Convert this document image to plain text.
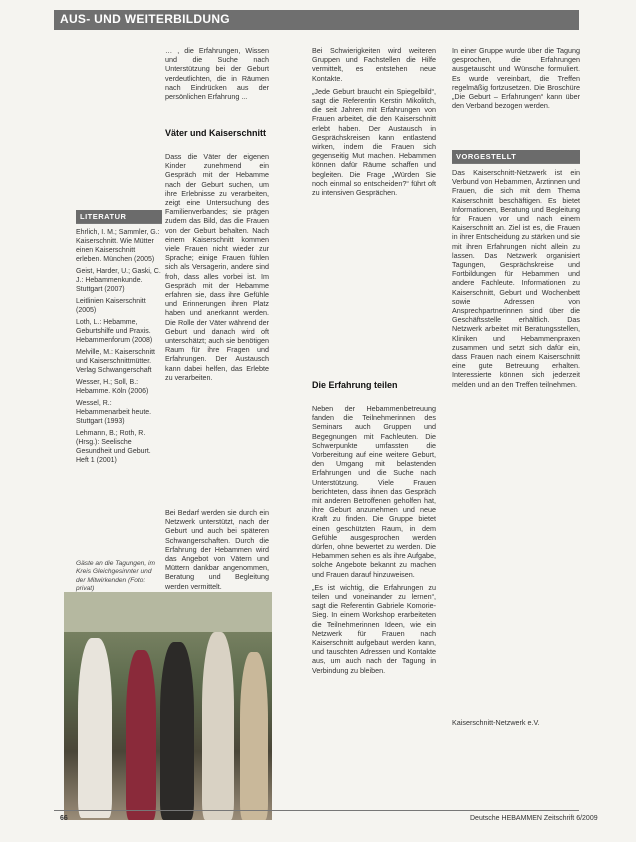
AUS- UND WEITERBILDUNG

… , die Erfahrungen, Wissen und die Suche nach Unterstützung bei der Geburt verdeutlichten, die in Räumen nach Eindrücken aus der persönlichen Erfahrung ...

Väter und Kaiserschnitt

Dass die Väter der eigenen Kinder zunehmend ein Gespräch mit der Hebamme nach der Geburt suchen, um ihre Erlebnisse zu verarbeiten, zeigt eine Untersuchung des Familienverbandes; sie prägen zudem das Bild, das die Frauen von der Geburt behalten. Nach einem Kaiserschnitt kommen viele Frauen nicht wieder zur Sprache; einige Frauen fühlen sich als Versagerin, andere sind froh, dass alles vorbei ist. Im Gespräch mit der Hebamme erfahren sie, dass ihre Gefühle und Erinnerungen ihren Platz haben und anerkannt werden. Die Rolle der Väter während der Geburt und danach wird oft unterschätzt; auch sie benötigen Raum für ihre Fragen und Erfahrungen. Der Austausch kann dabei helfen, das Erlebte zu verarbeiten.

LITERATUR

Ehrlich, I. M.; Sammler, G.: Kaiserschnitt. Wie Mütter einen Kaiserschnitt erleben. München (2005)

Geist, Harder, U.; Gaski, C. J.: Hebammenkunde. Stuttgart (2007)

Leitlinien Kaiserschnitt (2005)

Loth, L.: Hebamme, Geburtshilfe und Praxis. Hebammenforum (2008)

Melville, M.: Kaiserschnitt und Kaiserschnittmütter. Verlag Schwangerschaft

Wesser, H.; Soll, B.: Hebamme. Köln (2006)

Wessel, R.: Hebammenarbeit heute. Stuttgart (1993)

Lehmann, B.; Roth, R. (Hrsg.): Seelische Gesundheit und Geburt. Heft 1 (2001)

Bei Bedarf werden sie durch ein Netzwerk unterstützt, nach der Geburt und auch bei späteren Schwangerschaften. Durch die Erfahrung der Hebammen wird das Angebot von Vätern und Müttern dankbar angenommen, Beratung und Begleitung werden vermittelt.

Gäste an die Tagungen, im Kreis Gleichgesinnter und der Mitwirkenden (Foto: privat)

Bei Schwierigkeiten wird weiteren Gruppen und Fachstellen die Hilfe vermittelt, es entstehen neue Kontakte.

„Jede Geburt braucht ein Spiegelbild“, sagt die Referentin Kerstin Mikolitch, die seit Jahren mit Erfahrungen von Frauen arbeitet, die den Kaiserschnitt erlebt haben. Der Austausch in Gesprächskreisen kann entlastend wirken, indem die Frauen sich gegenseitig Mut machen. Hebammen können dafür Räume schaffen und begleiten. Die Frage „Würden Sie noch einmal so entscheiden?“ führt oft zu intensiven Gesprächen.

Die Erfahrung teilen

Neben der Hebammenbetreuung fanden die Teilnehmerinnen des Seminars auch Gruppen und Begegnungen mit Fachleuten. Die Schwerpunkte umfassten die Vorbereitung auf eine weitere Geburt, den Umgang mit belastenden Erfahrungen und die Suche nach Unterstützung. Viele Frauen berichteten, dass ihnen das Gespräch mit anderen Betroffenen geholfen hat, ihre Geburt anzunehmen und neue Kraft zu finden. Die Gruppe bietet einen geschützten Raum, in dem Gefühle ausgesprochen werden dürfen, ohne bewertet zu werden. Die Hebammen sehen es als ihre Aufgabe, solche Angebote bekannt zu machen und Frauen darauf hinzuweisen.

„Es ist wichtig, die Erfahrungen zu teilen und voneinander zu lernen“, sagt die Referentin Gabriele Komorie-Sieg. In einem Workshop erarbeiteten die Teilnehmerinnen Ideen, wie ein Netzwerk für Frauen nach Kaiserschnitt aufgebaut werden kann, und tauschten Adressen und Kontakte aus, um auch nach der Tagung in Verbindung zu bleiben.

In einer Gruppe wurde über die Tagung gesprochen, die Erfahrungen ausgetauscht und Wünsche formuliert. Es wurde vereinbart, die Treffen regelmäßig fortzusetzen. Die Broschüre „Die Geburt – Erfahrungen“ kann über den Verband bezogen werden.

VORGESTELLT

Das Kaiserschnitt-Netzwerk ist ein Verbund von Hebammen, Ärztinnen und Frauen, die sich mit dem Thema Kaiserschnitt beschäftigen. Es bietet Informationen, Beratung und Begleitung für Frauen vor und nach einem Kaiserschnitt an. Ziel ist es, die Frauen in ihrer Entscheidung zu stärken und sie mit ihren Erfahrungen nicht allein zu lassen. Das Netzwerk organisiert Tagungen, Gesprächskreise und Fortbildungen für Hebammen und andere Fachleute. Informationen zu Kaiserschnitt, Geburt und Wochenbett sowie Adressen von Ansprechpartnerinnen sind über die Geschäftsstelle erhältlich. Das Netzwerk arbeitet mit Beratungsstellen, Kliniken und Hebammenpraxen zusammen und setzt sich dafür ein, dass Frauen nach einem Kaiserschnitt eine gute Betreuung erhalten. Interessierte können sich jederzeit melden und an den Treffen teilnehmen.

Kaiserschnitt-Netzwerk e.V.
66	Deutsche HEBAMMEN Zeitschrift 6/2009
